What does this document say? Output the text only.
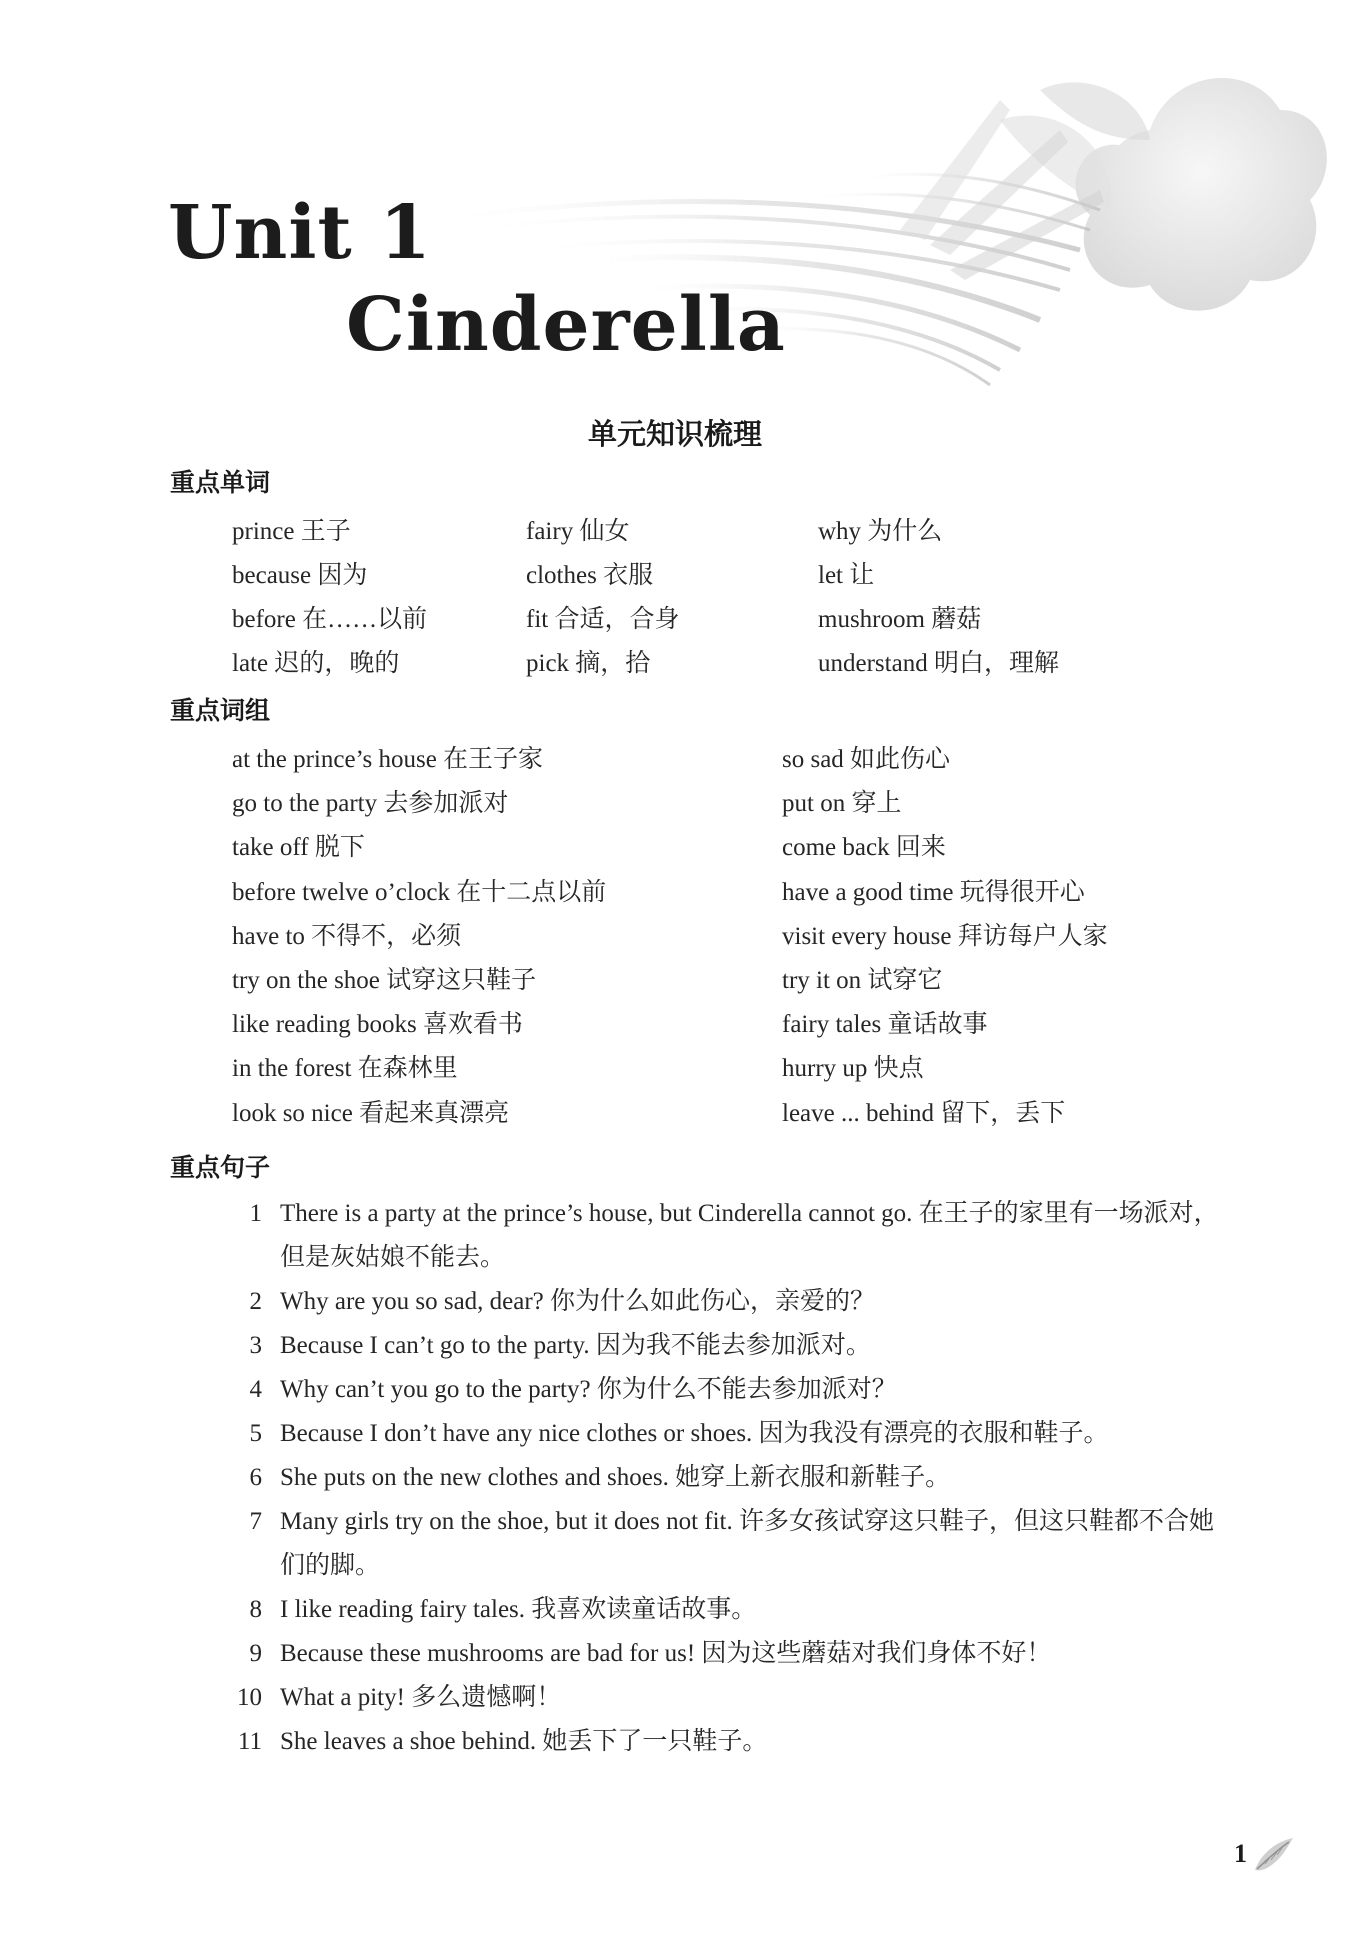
Unit 1
Cinderella
单元知识梳理
重点单词
prince 王子	fairy 仙女	why 为什么
because 因为	clothes 衣服	let 让
before 在……以前	fit 合适，合身	mushroom 蘑菇
late 迟的，晚的	pick 摘，拾	understand 明白，理解
重点词组
at the prince’s house 在王子家	so sad 如此伤心
go to the party 去参加派对	put on 穿上
take off 脱下	come back 回来
before twelve o’clock 在十二点以前	have a good time 玩得很开心
have to 不得不，必须	visit every house 拜访每户人家
try on the shoe 试穿这只鞋子	try it on 试穿它
like reading books 喜欢看书	fairy tales 童话故事
in the forest 在森林里	hurry up 快点
look so nice 看起来真漂亮	leave ... behind 留下，丢下
重点句子
1 There is a party at the prince’s house, but Cinderella cannot go. 在王子的家里有一场派对，但是灰姑娘不能去。
2 Why are you so sad, dear? 你为什么如此伤心，亲爱的？
3 Because I can’t go to the party. 因为我不能去参加派对。
4 Why can’t you go to the party? 你为什么不能去参加派对？
5 Because I don’t have any nice clothes or shoes. 因为我没有漂亮的衣服和鞋子。
6 She puts on the new clothes and shoes. 她穿上新衣服和新鞋子。
7 Many girls try on the shoe, but it does not fit. 许多女孩试穿这只鞋子，但这只鞋都不合她们的脚。
8 I like reading fairy tales. 我喜欢读童话故事。
9 Because these mushrooms are bad for us! 因为这些蘑菇对我们身体不好！
10 What a pity! 多么遗憾啊！
11 She leaves a shoe behind. 她丢下了一只鞋子。
1
